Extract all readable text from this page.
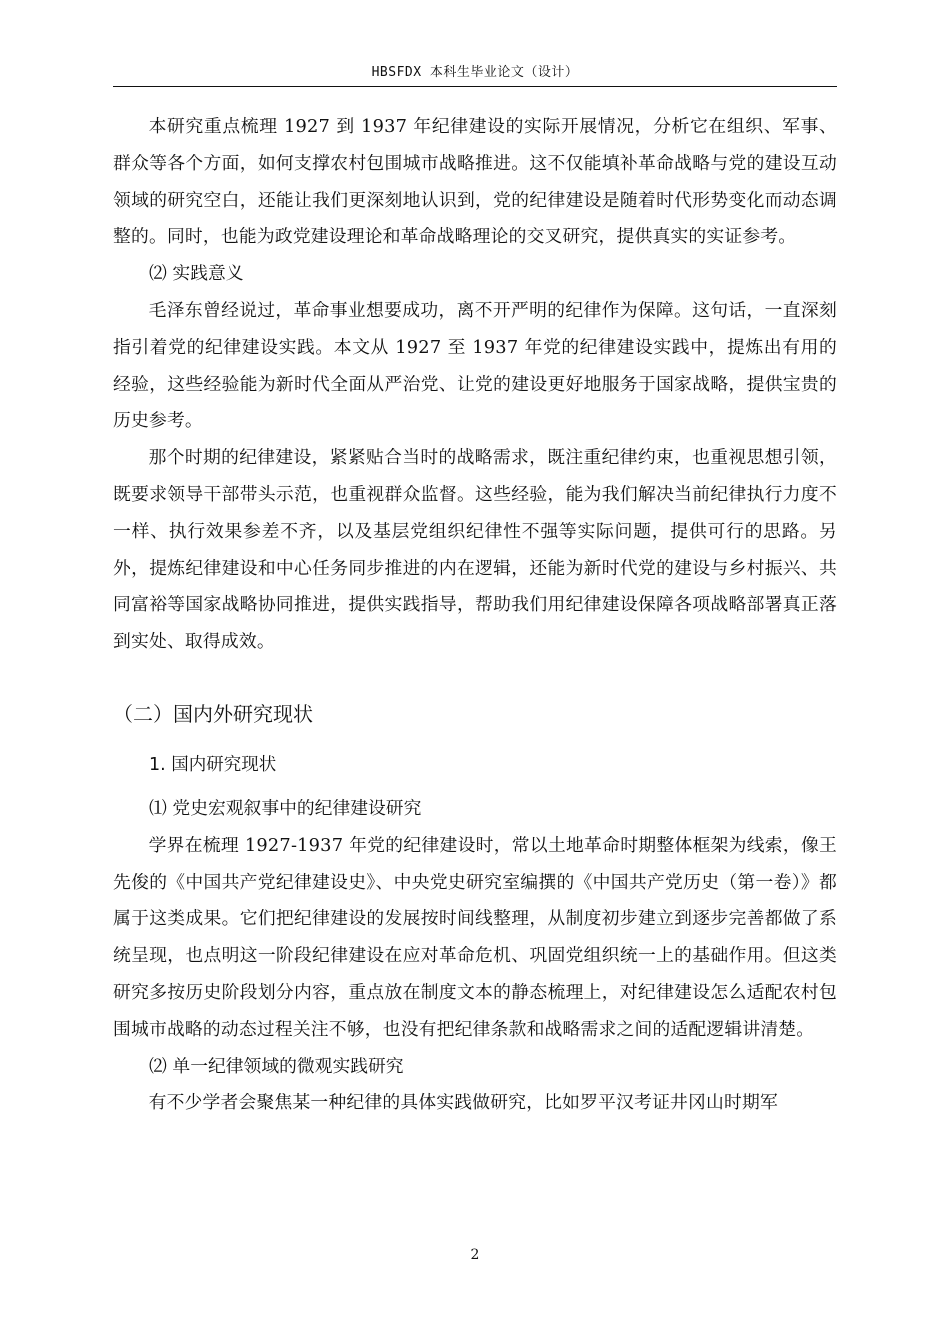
HBSFDX 本科生毕业论文（设计）

本研究重点梳理 1927 到 1937 年纪律建设的实际开展情况，分析它在组织、军事、群众等各个方面，如何支撑农村包围城市战略推进。这不仅能填补革命战略与党的建设互动领域的研究空白，还能让我们更深刻地认识到，党的纪律建设是随着时代形势变化而动态调整的。同时，也能为政党建设理论和革命战略理论的交叉研究，提供真实的实证参考。

⑵ 实践意义

毛泽东曾经说过，革命事业想要成功，离不开严明的纪律作为保障。这句话，一直深刻指引着党的纪律建设实践。本文从 1927 至 1937 年党的纪律建设实践中，提炼出有用的经验，这些经验能为新时代全面从严治党、让党的建设更好地服务于国家战略，提供宝贵的历史参考。

那个时期的纪律建设，紧紧贴合当时的战略需求，既注重纪律约束，也重视思想引领，既要求领导干部带头示范，也重视群众监督。这些经验，能为我们解决当前纪律执行力度不一样、执行效果参差不齐，以及基层党组织纪律性不强等实际问题，提供可行的思路。另外，提炼纪律建设和中心任务同步推进的内在逻辑，还能为新时代党的建设与乡村振兴、共同富裕等国家战略协同推进，提供实践指导，帮助我们用纪律建设保障各项战略部署真正落到实处、取得成效。

（二）国内外研究现状
1. 国内研究现状

⑴ 党史宏观叙事中的纪律建设研究

学界在梳理 1927-1937 年党的纪律建设时，常以土地革命时期整体框架为线索，像王先俊的《中国共产党纪律建设史》、中央党史研究室编撰的《中国共产党历史（第一卷）》都属于这类成果。它们把纪律建设的发展按时间线整理，从制度初步建立到逐步完善都做了系统呈现，也点明这一阶段纪律建设在应对革命危机、巩固党组织统一上的基础作用。但这类研究多按历史阶段划分内容，重点放在制度文本的静态梳理上，对纪律建设怎么适配农村包围城市战略的动态过程关注不够，也没有把纪律条款和战略需求之间的适配逻辑讲清楚。

⑵ 单一纪律领域的微观实践研究

有不少学者会聚焦某一种纪律的具体实践做研究，比如罗平汉考证井冈山时期军

2
